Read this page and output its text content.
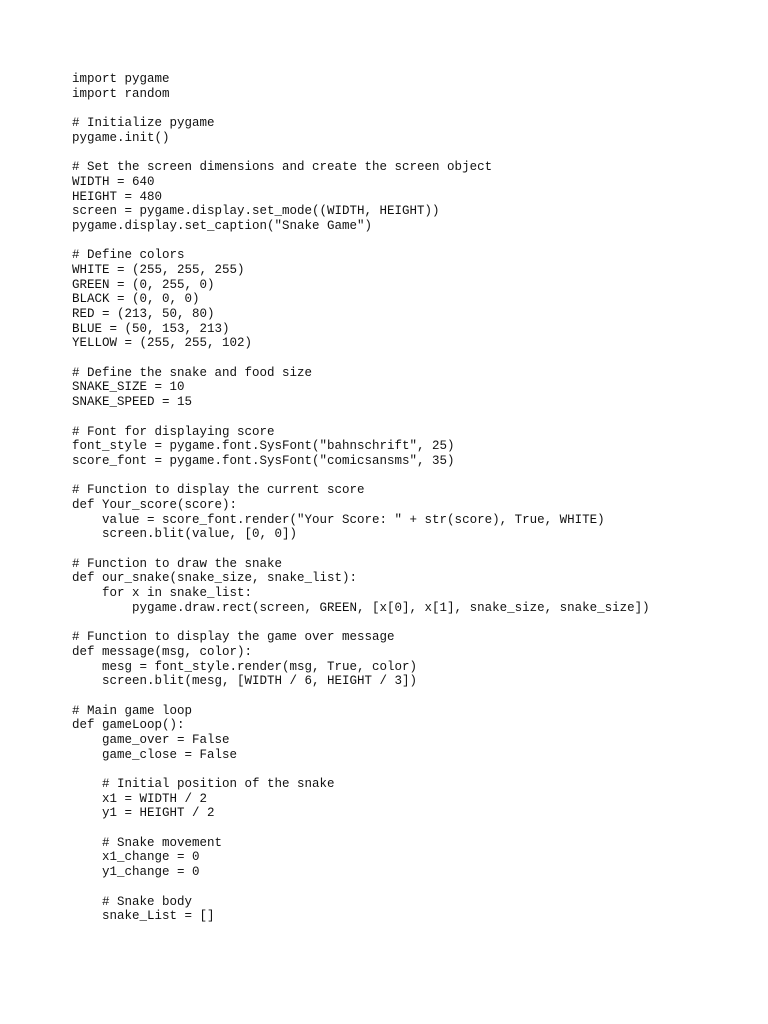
import pygame
import random
# Initialize pygame
pygame.init()
# Set the screen dimensions and create the screen object
WIDTH = 640
HEIGHT = 480
screen = pygame.display.set_mode((WIDTH, HEIGHT))
pygame.display.set_caption("Snake Game")
# Define colors
WHITE = (255, 255, 255)
GREEN = (0, 255, 0)
BLACK = (0, 0, 0)
RED = (213, 50, 80)
BLUE = (50, 153, 213)
YELLOW = (255, 255, 102)
# Define the snake and food size
SNAKE_SIZE = 10
SNAKE_SPEED = 15
# Font for displaying score
font_style = pygame.font.SysFont("bahnschrift", 25)
score_font = pygame.font.SysFont("comicsansms", 35)
# Function to display the current score
def Your_score(score):
value = score_font.render("Your Score: " + str(score), True, WHITE)
screen.blit(value, [0, 0])
# Function to draw the snake
def our_snake(snake_size, snake_list):
for x in snake_list:
pygame.draw.rect(screen, GREEN, [x[0], x[1], snake_size, snake_size])
# Function to display the game over message
def message(msg, color):
mesg = font_style.render(msg, True, color)
screen.blit(mesg, [WIDTH / 6, HEIGHT / 3])
# Main game loop
def gameLoop():
game_over = False
game_close = False
# Initial position of the snake
x1 = WIDTH / 2
y1 = HEIGHT / 2
# Snake movement
x1_change = 0
y1_change = 0
# Snake body
snake_List = []
